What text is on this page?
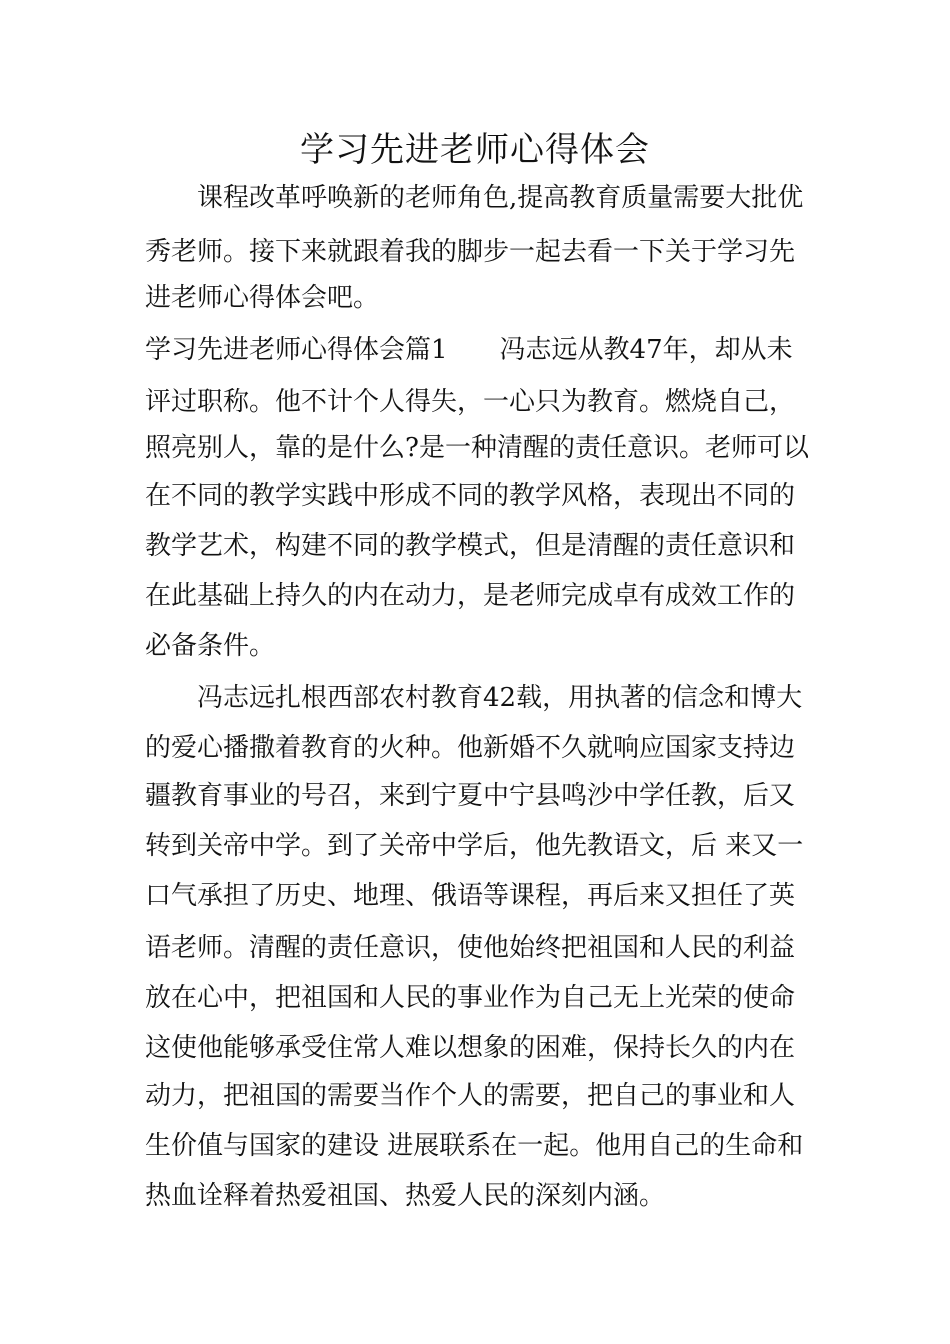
学习先进老师心得体会

课程改革呼唤新的老师角色,提高教育质量需要大批优

秀老师。接下来就跟着我的脚步一起去看一下关于学习先

进老师心得体会吧。

学习先进老师心得体会篇1　　冯志远从教47年，却从未

评过职称。他不计个人得失，一心只为教育。燃烧自己，

照亮别人，靠的是什么?是一种清醒的责任意识。老师可以

在不同的教学实践中形成不同的教学风格，表现出不同的

教学艺术，构建不同的教学模式，但是清醒的责任意识和

在此基础上持久的内在动力，是老师完成卓有成效工作的

必备条件。

冯志远扎根西部农村教育42载，用执著的信念和博大

的爱心播撒着教育的火种。他新婚不久就响应国家支持边

疆教育事业的号召，来到宁夏中宁县鸣沙中学任教，后又

转到关帝中学。到了关帝中学后，他先教语文，后 来又一

口气承担了历史、地理、俄语等课程，再后来又担任了英

语老师。清醒的责任意识，使他始终把祖国和人民的利益

放在心中，把祖国和人民的事业作为自己无上光荣的使命

这使他能够承受住常人难以想象的困难，保持长久的内在

动力，把祖国的需要当作个人的需要，把自己的事业和人

生价值与国家的建设 进展联系在一起。他用自己的生命和

热血诠释着热爱祖国、热爱人民的深刻内涵。
